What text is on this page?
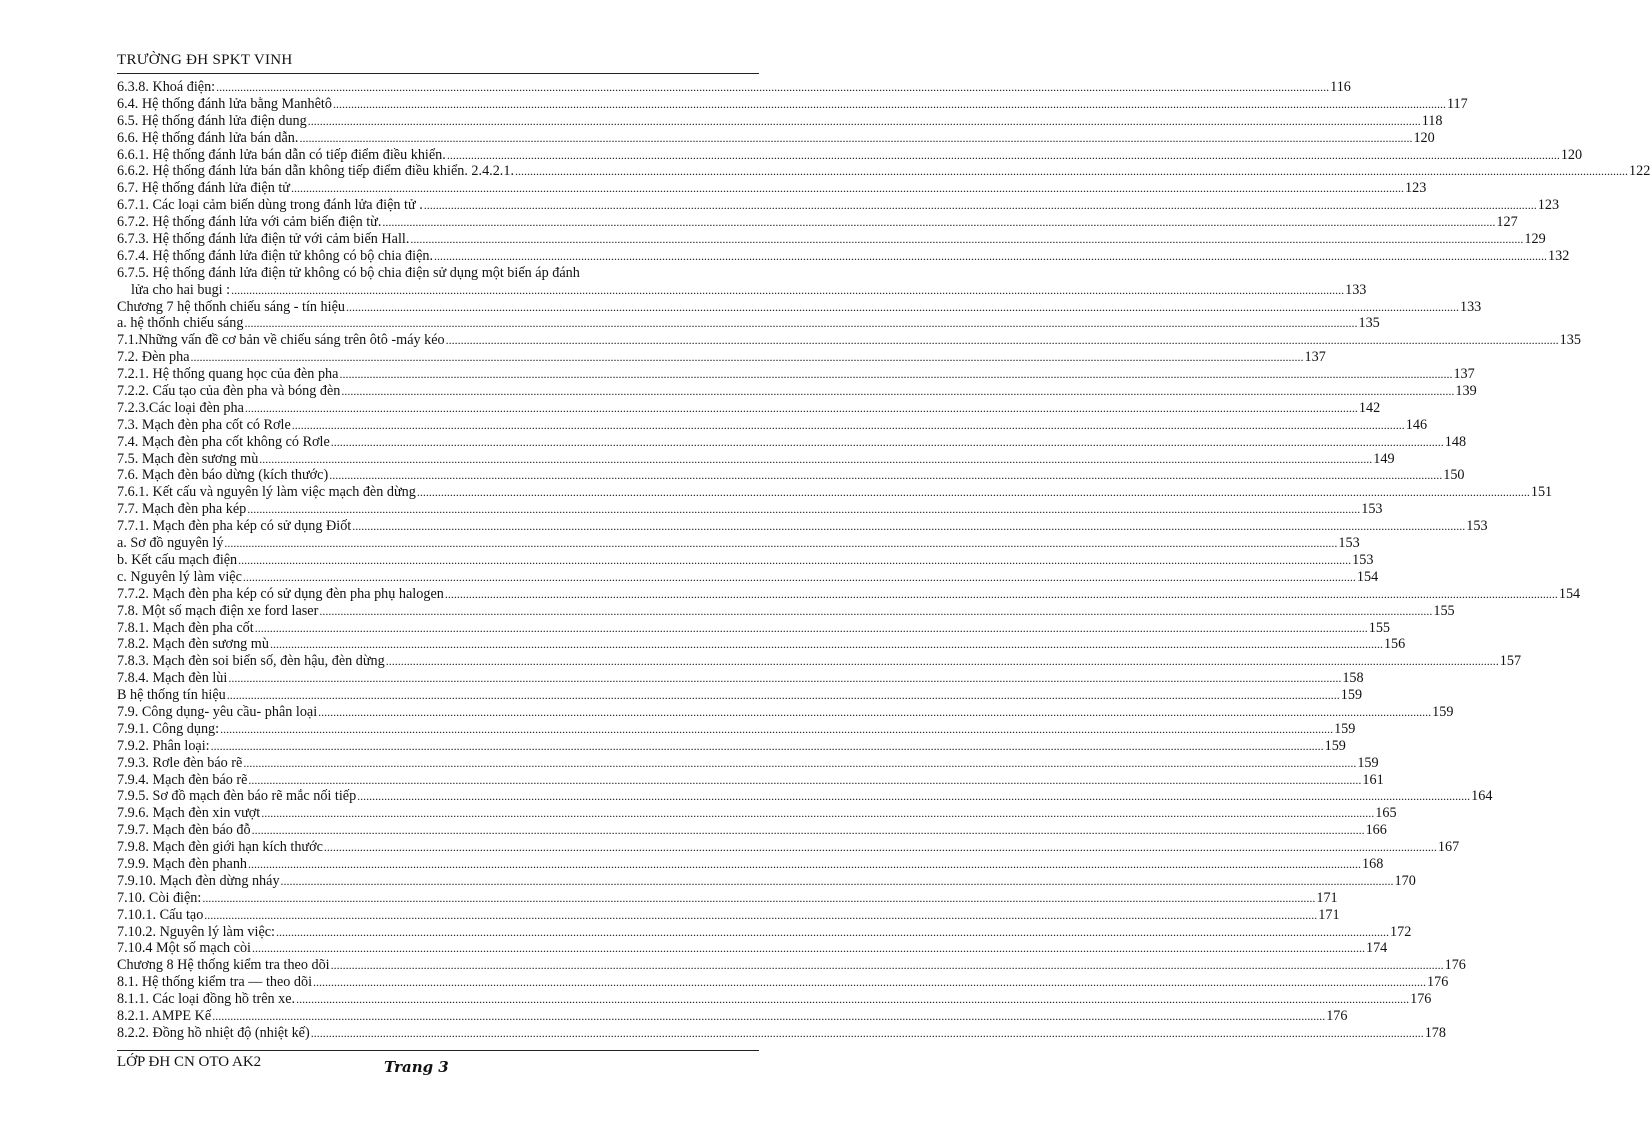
TRƯỜNG ĐH SPKT VINH
6.3.8. Khoá điện: .....	116
6.4. Hệ thống đánh lửa bằng Manhêtô .....	117
6.5. Hệ thống đánh lửa điện dung .....	118
6.6. Hệ thống đánh lửa bán dẫn. .....	120
6.6.1. Hệ thống đánh lửa bán dẫn có tiếp điểm điều khiển. .....	120
6.6.2. Hệ thống đánh lửa bán dẫn không tiếp điểm điều khiển. 2.4.2.1. .....	122
6.7. Hệ thống đánh lửa điện tử .....	123
6.7.1. Các loại cảm biến dùng trong đánh lửa điện tử . .....	123
6.7.2. Hệ thống đánh lửa với cảm biến điện từ. .....	127
6.7.3. Hệ thống đánh lửa điện tử với cảm biến Hall. .....	129
6.7.4. Hệ thống đánh lửa điện tử không có bộ chia điện. .....	132
6.7.5. Hệ thống đánh lửa điện tử không có bộ chia điện sử dụng một biến áp đánh
lửa cho hai bugi : .....	133
Chương 7 hệ thốnh chiếu sáng - tín hiệu .....	133
a. hệ thốnh chiếu sáng .....	135
7.1.Những vấn đề cơ bản về chiếu sáng trên ôtô -máy kéo .....	135
7.2. Đèn pha .....	137
7.2.1. Hệ thống quang học của đèn pha .....	137
7.2.2. Cấu tạo của đèn pha và bóng đèn .....	139
7.2.3.Các loại đèn pha .....	142
7.3. Mạch đèn pha cốt có Rơle .....	146
7.4. Mạch đèn pha cốt không có Rơle .....	148
7.5. Mạch đèn sương mù .....	149
7.6. Mạch đèn báo dừng (kích thước) .....	150
7.6.1. Kết cấu và nguyên lý làm việc mạch đèn dừng .....	151
7.7. Mạch đèn pha kép .....	153
7.7.1. Mạch đèn pha kép có sử dụng Điốt .....	153
a. Sơ đồ nguyên lý .....	153
b. Kết cấu mạch điện .....	153
c. Nguyên lý làm việc .....	154
7.7.2. Mạch đèn pha kép có sử dụng đèn pha phụ halogen .....	154
7.8. Một số mạch điện xe ford laser .....	155
7.8.1. Mạch đèn pha cốt .....	155
7.8.2. Mạch đèn sương mù .....	156
7.8.3. Mạch đèn soi biển số, đèn hậu, đèn dừng .....	157
7.8.4. Mạch đèn lùi .....	158
B hệ thống tín hiệu .....	159
7.9. Công dụng- yêu cầu- phân loại .....	159
7.9.1. Công dụng: .....	159
7.9.2. Phân loại: .....	159
7.9.3. Rơle đèn báo rẽ .....	159
7.9.4. Mạch đèn báo rẽ .....	161
7.9.5. Sơ đồ mạch đèn báo rẽ mắc nối tiếp .....	164
7.9.6. Mạch đèn xin vượt .....	165
7.9.7. Mạch đèn báo đỗ .....	166
7.9.8. Mạch đèn giới hạn kích thước .....	167
7.9.9. Mạch đèn phanh .....	168
7.9.10. Mạch đèn dừng nháy .....	170
7.10. Còi điện: .....	171
7.10.1. Cấu tạo .....	171
7.10.2. Nguyên lý làm việc: .....	172
7.10.4 Một số mạch còi .....	174
Chương 8 Hệ thống kiểm tra theo dõi .....	176
8.1. Hệ thống kiểm tra — theo dõi .....	176
8.1.1. Các loại đồng hồ trên xe. .....	176
8.2.1. AMPE Kế .....	176
8.2.2. Đồng hồ nhiệt độ (nhiệt kế) .....	178
LỚP ĐH CN OTO AK2	Trang 3
